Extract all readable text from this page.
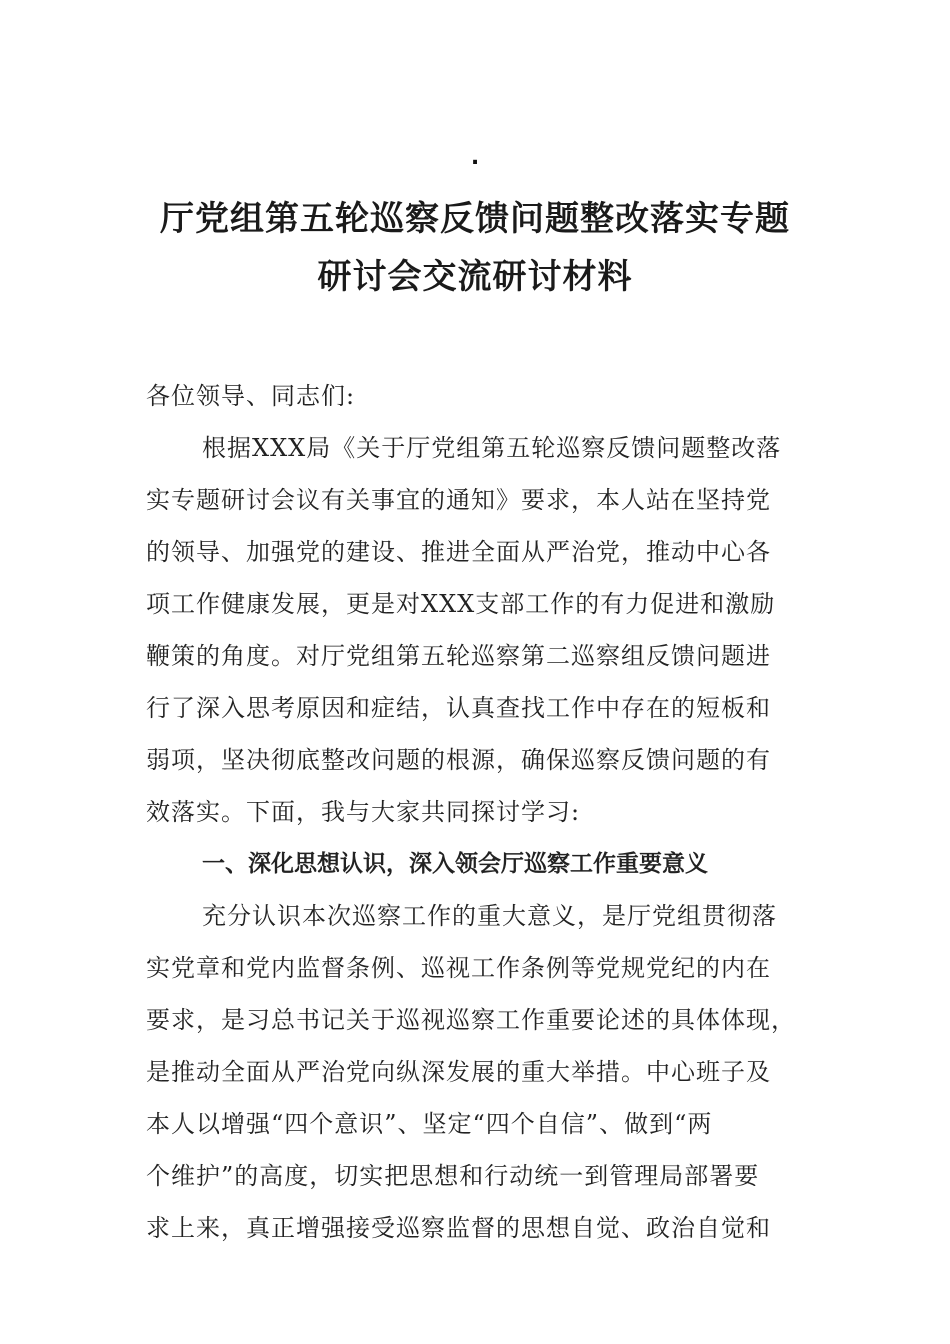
.
厅党组第五轮巡察反馈问题整改落实专题
研讨会交流研讨材料
各位领导、同志们:
根据XXX局《关于厅党组第五轮巡察反馈问题整改落
实专题研讨会议有关事宜的通知》要求，本人站在坚持党
的领导、加强党的建设、推进全面从严治党，推动中心各
项工作健康发展，更是对XXX支部工作的有力促进和激励
鞭策的角度。对厅党组第五轮巡察第二巡察组反馈问题进
行了深入思考原因和症结，认真查找工作中存在的短板和
弱项，坚决彻底整改问题的根源，确保巡察反馈问题的有
效落实。下面，我与大家共同探讨学习:
一、深化思想认识，深入领会厅巡察工作重要意义
充分认识本次巡察工作的重大意义，是厅党组贯彻落
实党章和党内监督条例、巡视工作条例等党规党纪的内在
要求，是习总书记关于巡视巡察工作重要论述的具体体现，
是推动全面从严治党向纵深发展的重大举措。中心班子及
本人以增强“四个意识”、坚定“四个自信”、做到“两
个维护”的高度，切实把思想和行动统一到管理局部署要
求上来，真正增强接受巡察监督的思想自觉、政治自觉和
